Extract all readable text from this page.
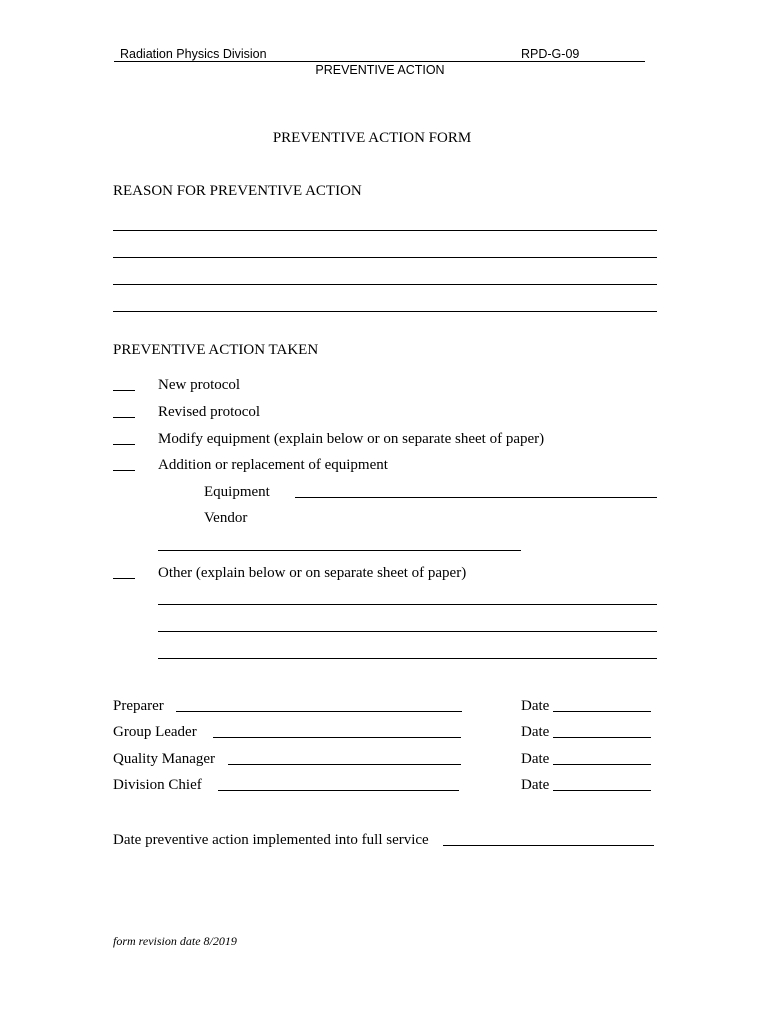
Radiation Physics Division	RPD-G-09
PREVENTIVE ACTION
PREVENTIVE ACTION FORM
REASON FOR PREVENTIVE ACTION
PREVENTIVE ACTION TAKEN
New protocol
Revised protocol
Modify equipment (explain below or on separate sheet of paper)
Addition or replacement of equipment
Equipment
Vendor
Other (explain below or on separate sheet of paper)
Preparer	Date
Group Leader	Date
Quality Manager	Date
Division Chief	Date
Date preventive action implemented into full service
form revision date 8/2019
